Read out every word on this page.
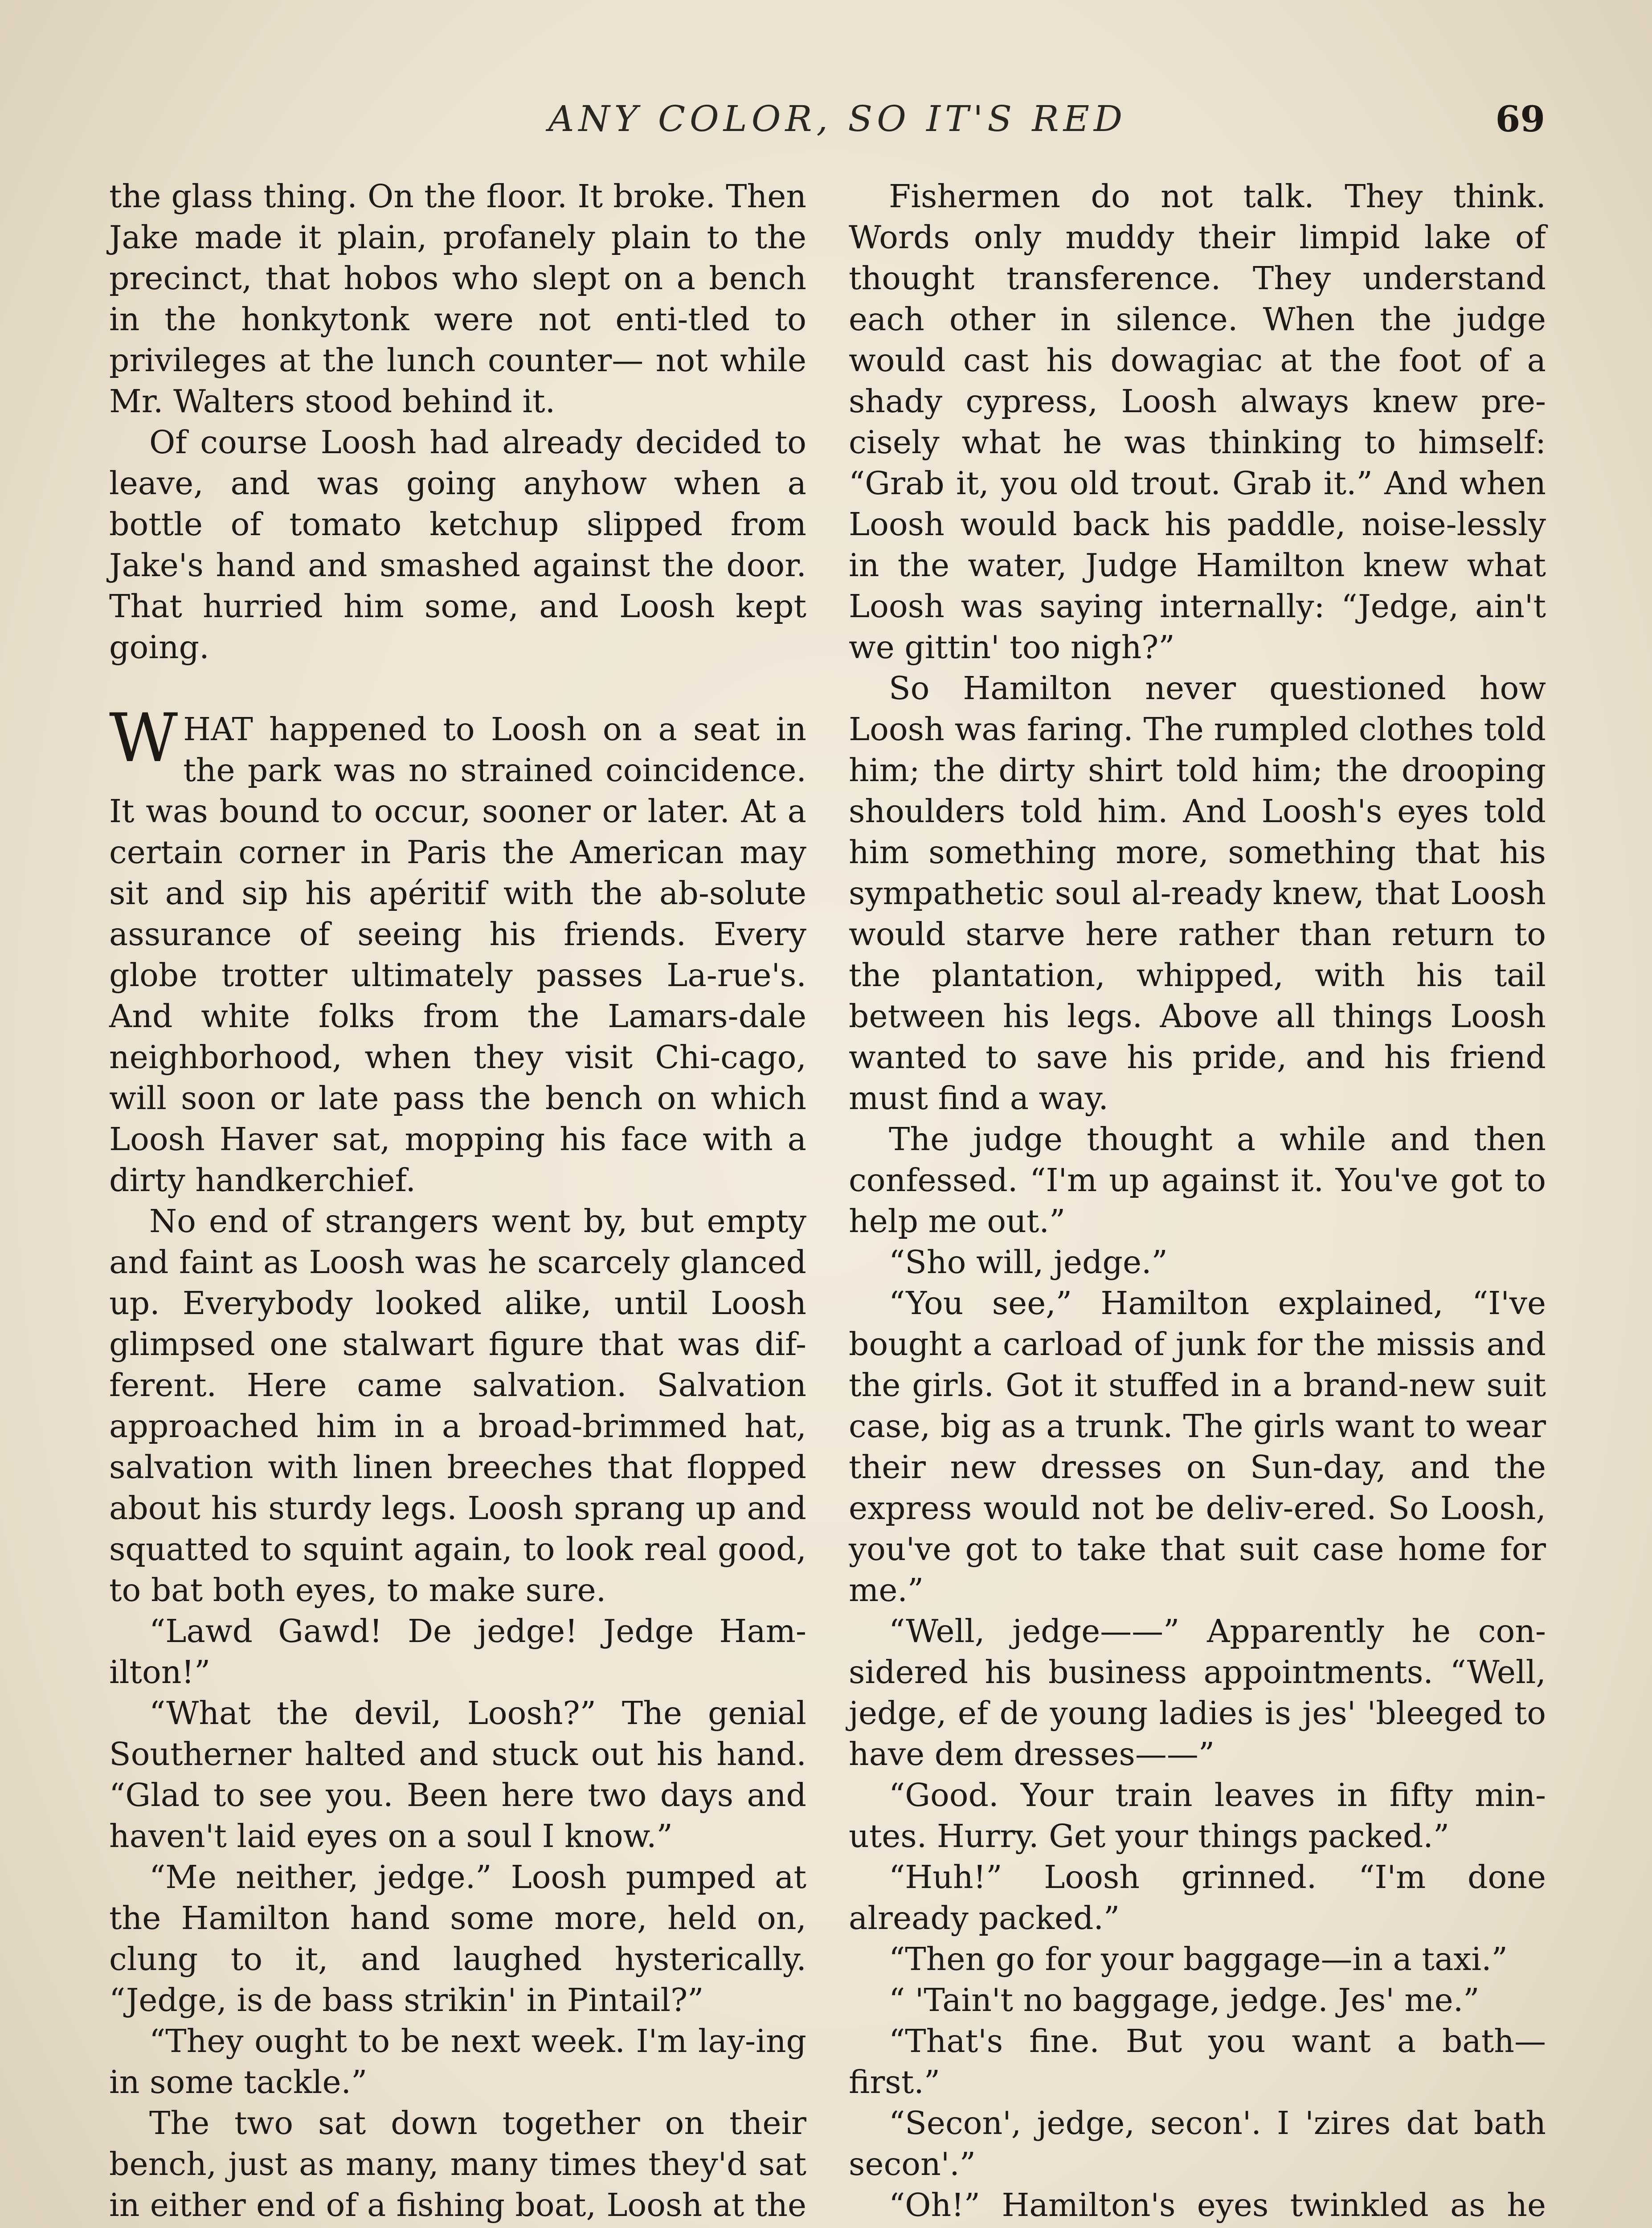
ANY COLOR, SO IT'S RED	69

the glass thing. On the floor. It broke. Then Jake made it plain, profanely plain to the precinct, that hobos who slept on a bench in the honkytonk were not enti-tled to privileges at the lunch counter— not while Mr. Walters stood behind it.

Of course Loosh had already decided to leave, and was going anyhow when a bottle of tomato ketchup slipped from Jake's hand and smashed against the door. That hurried him some, and Loosh kept going.

WHAT happened to Loosh on a seat in the park was no strained coincidence. It was bound to occur, sooner or later. At a certain corner in Paris the American may sit and sip his apéritif with the ab-solute assurance of seeing his friends. Every globe trotter ultimately passes La-rue's. And white folks from the Lamars-dale neighborhood, when they visit Chi-cago, will soon or late pass the bench on which Loosh Haver sat, mopping his face with a dirty handkerchief.

No end of strangers went by, but empty and faint as Loosh was he scarcely glanced up. Everybody looked alike, until Loosh glimpsed one stalwart figure that was dif-ferent. Here came salvation. Salvation approached him in a broad-brimmed hat, salvation with linen breeches that flopped about his sturdy legs. Loosh sprang up and squatted to squint again, to look real good, to bat both eyes, to make sure.

“Lawd Gawd! De jedge! Jedge Ham-ilton!”

“What the devil, Loosh?” The genial Southerner halted and stuck out his hand. “Glad to see you. Been here two days and haven't laid eyes on a soul I know.”

“Me neither, jedge.” Loosh pumped at the Hamilton hand some more, held on, clung to it, and laughed hysterically. “Jedge, is de bass strikin' in Pintail?”

“They ought to be next week. I'm lay-ing in some tackle.”

The two sat down together on their bench, just as many, many times they'd sat in either end of a fishing boat, Loosh at the

Fishermen do not talk. They think. Words only muddy their limpid lake of thought transference. They understand each other in silence. When the judge would cast his dowagiac at the foot of a shady cypress, Loosh always knew pre-cisely what he was thinking to himself: “Grab it, you old trout. Grab it.” And when Loosh would back his paddle, noise-lessly in the water, Judge Hamilton knew what Loosh was saying internally: “Jedge, ain't we gittin' too nigh?”

So Hamilton never questioned how Loosh was faring. The rumpled clothes told him; the dirty shirt told him; the drooping shoulders told him. And Loosh's eyes told him something more, something that his sympathetic soul al-ready knew, that Loosh would starve here rather than return to the plantation, whipped, with his tail between his legs. Above all things Loosh wanted to save his pride, and his friend must find a way.

The judge thought a while and then confessed. “I'm up against it. You've got to help me out.”

“Sho will, jedge.”

“You see,” Hamilton explained, “I've bought a carload of junk for the missis and the girls. Got it stuffed in a brand-new suit case, big as a trunk. The girls want to wear their new dresses on Sun-day, and the express would not be deliv-ered. So Loosh, you've got to take that suit case home for me.”

“Well, jedge——” Apparently he con-sidered his business appointments. “Well, jedge, ef de young ladies is jes' 'bleeged to have dem dresses——”

“Good. Your train leaves in fifty min-utes. Hurry. Get your things packed.”

“Huh!” Loosh grinned. “I'm done already packed.”

“Then go for your baggage—in a taxi.”

“ 'Tain't no baggage, jedge. Jes' me.”

“That's fine. But you want a bath— first.”

“Secon', jedge, secon'. I 'zires dat bath secon'.”

“Oh!” Hamilton's eyes twinkled as he
